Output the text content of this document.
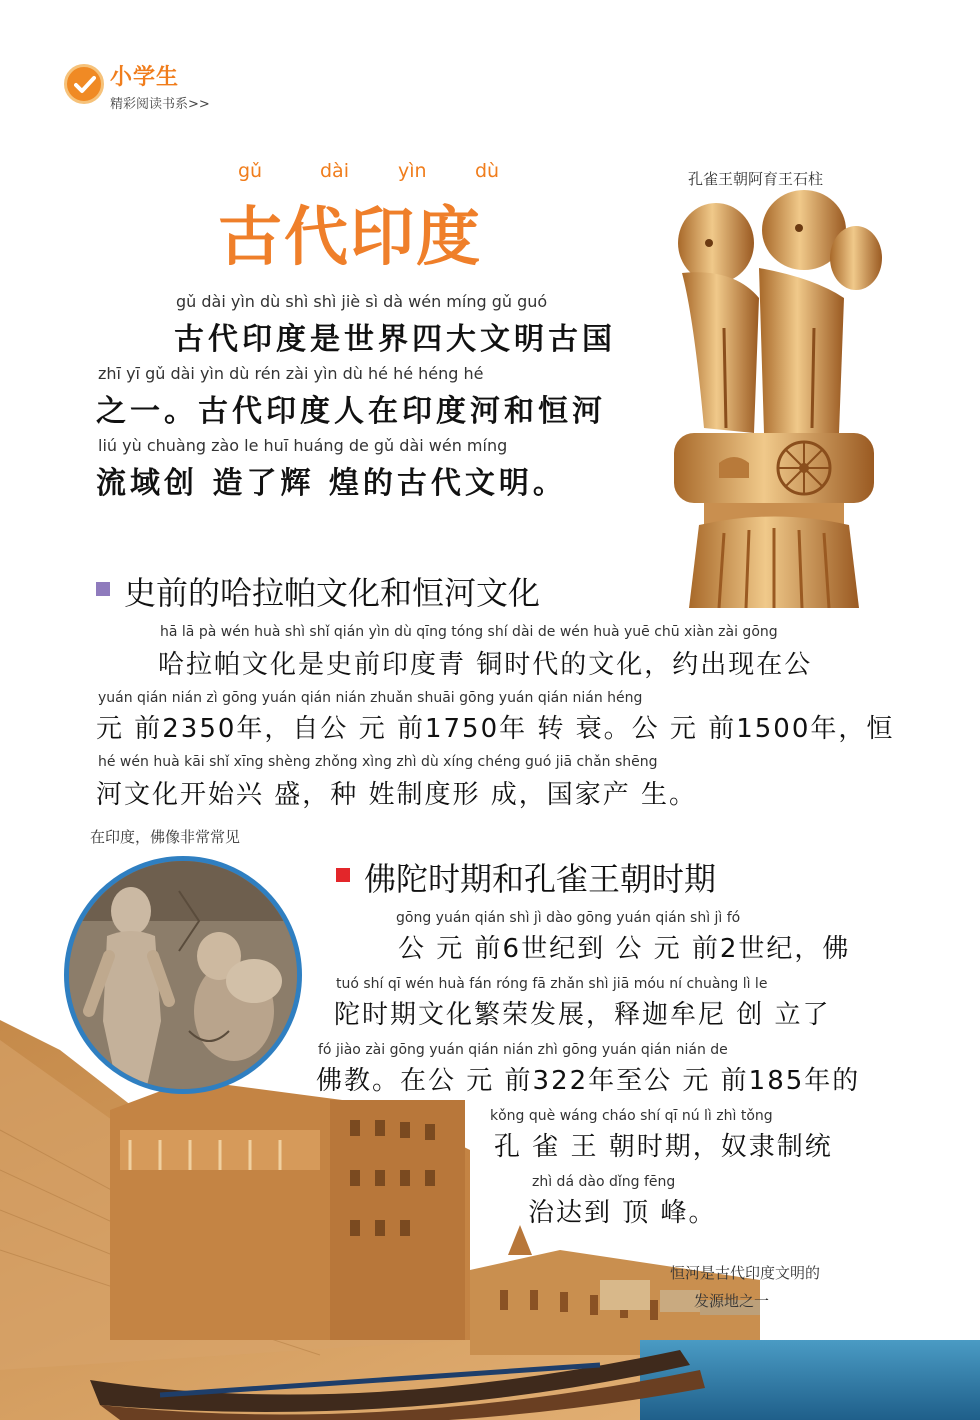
小学生
精彩阅读书系>>
gǔ	dài	yìn	dù
古代印度
孔雀王朝阿育王石柱
gǔ dài yìn dù shì shì jiè sì dà wén míng gǔ guó
古代印度是世界四大文明古国
zhī yī gǔ dài yìn dù rén zài yìn dù hé hé héng hé
之一。古代印度人在印度河和恒河
liú yù chuàng zào le huī huáng de gǔ dài wén míng
流域创 造了辉 煌的古代文明。
史前的哈拉帕文化和恒河文化
hā lā pà wén huà shì shǐ qián yìn dù qīng tóng shí dài de wén huà yuē chū xiàn zài gōng
哈拉帕文化是史前印度青 铜时代的文化，约出现在公
yuán qián nián zì gōng yuán qián nián zhuǎn shuāi gōng yuán qián nián héng
元 前2350年，自公 元 前1750年 转 衰。公 元 前1500年，恒
hé wén huà kāi shǐ xīng shèng zhǒng xìng zhì dù xíng chéng guó jiā chǎn shēng
河文化开始兴 盛，种 姓制度形 成，国家产 生。
在印度，佛像非常常见
佛陀时期和孔雀王朝时期
gōng yuán qián shì jì dào gōng yuán qián shì jì fó
公 元 前6世纪到 公 元 前2世纪，佛
tuó shí qī wén huà fán róng fā zhǎn shì jiā móu ní chuàng lì le
陀时期文化繁荣发展，释迦牟尼 创 立了
fó jiào zài gōng yuán qián nián zhì gōng yuán qián nián de
佛教。在公 元 前322年至公 元 前185年的
kǒng què wáng cháo shí qī nú lì zhì tǒng
孔 雀 王 朝时期，奴隶制统
zhì dá dào dǐng fēng
治达到 顶 峰。
恒河是古代印度文明的
发源地之一
